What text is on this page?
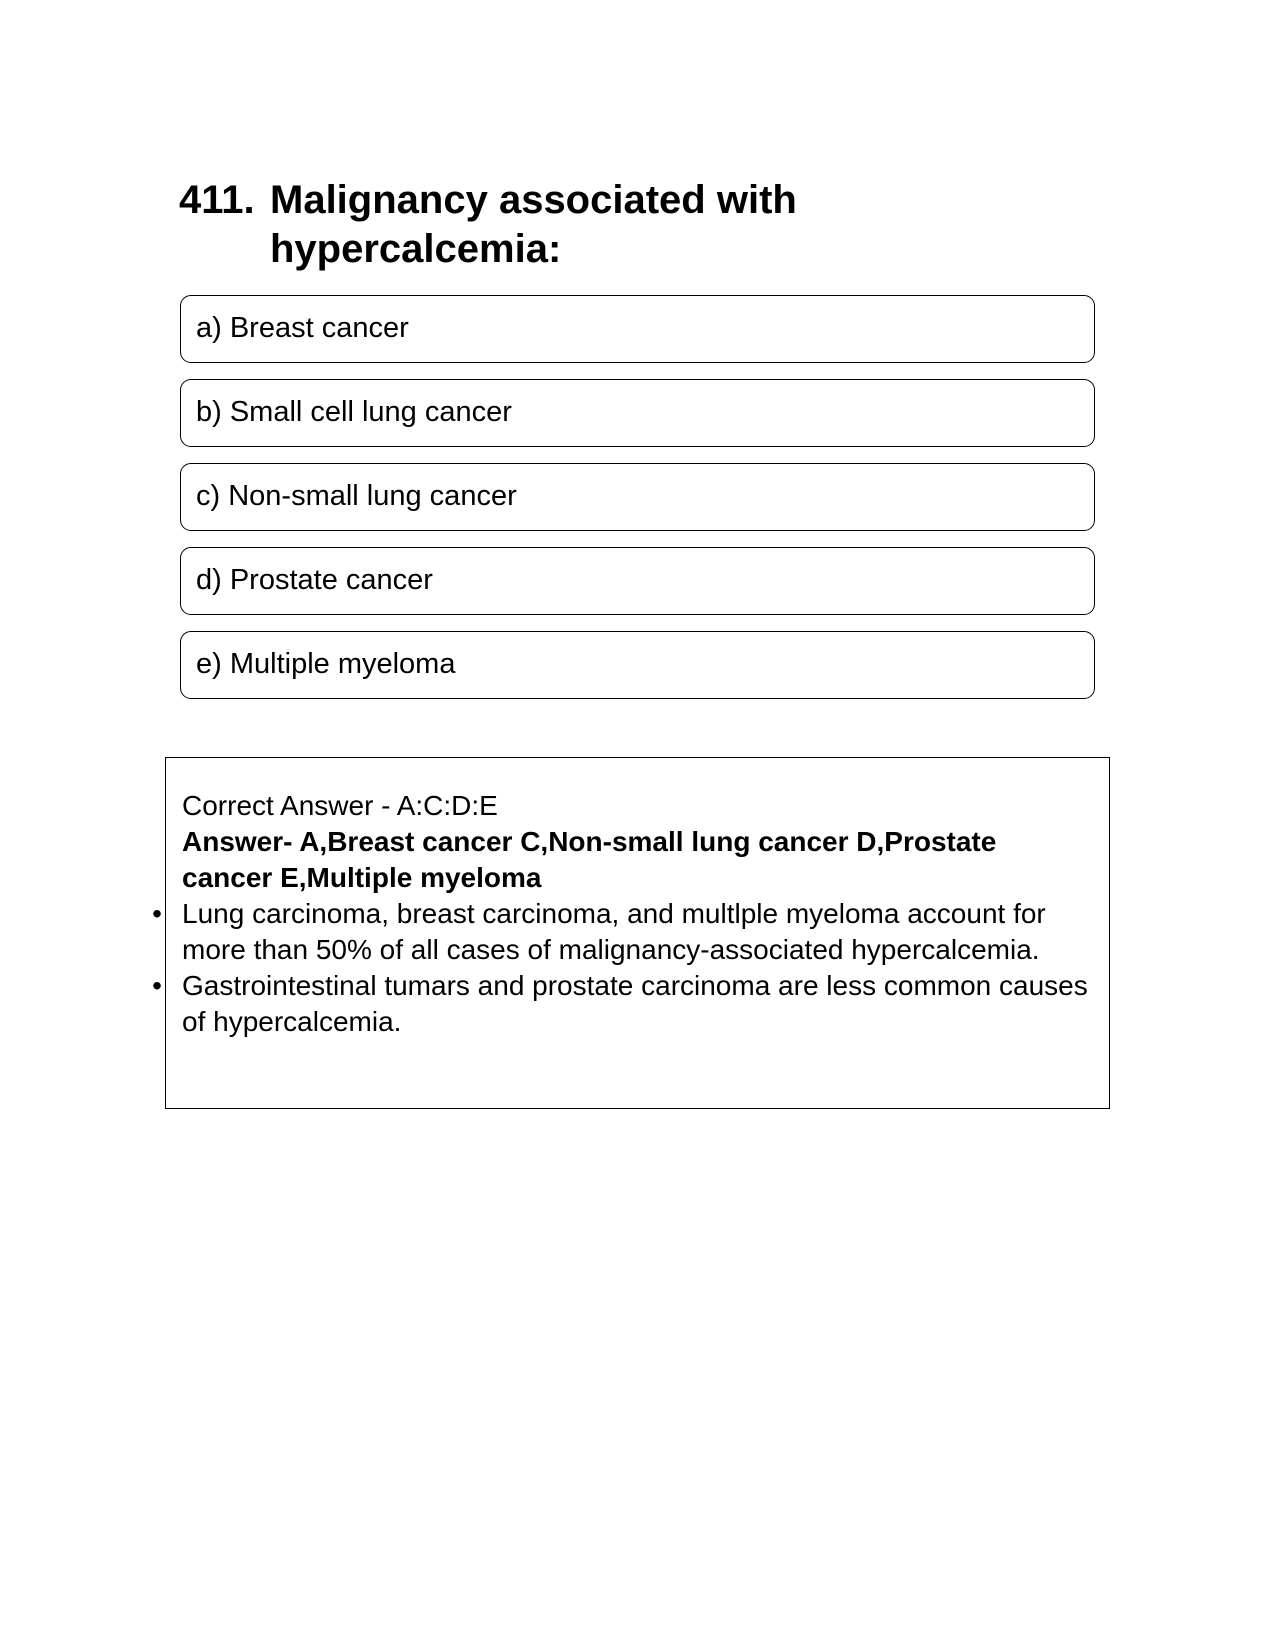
411. Malignancy associated with hypercalcemia:
a) Breast cancer
b) Small cell lung cancer
c) Non-small lung cancer
d) Prostate cancer
e) Multiple myeloma
Correct Answer - A:C:D:E
Answer- A,Breast cancer C,Non-small lung cancer D,Prostate cancer E,Multiple myeloma
• Lung carcinoma, breast carcinoma, and multlple myeloma account for more than 50% of all cases of malignancy-associated hypercalcemia.
• Gastrointestinal tumars and prostate carcinoma are less common causes of hypercalcemia.
